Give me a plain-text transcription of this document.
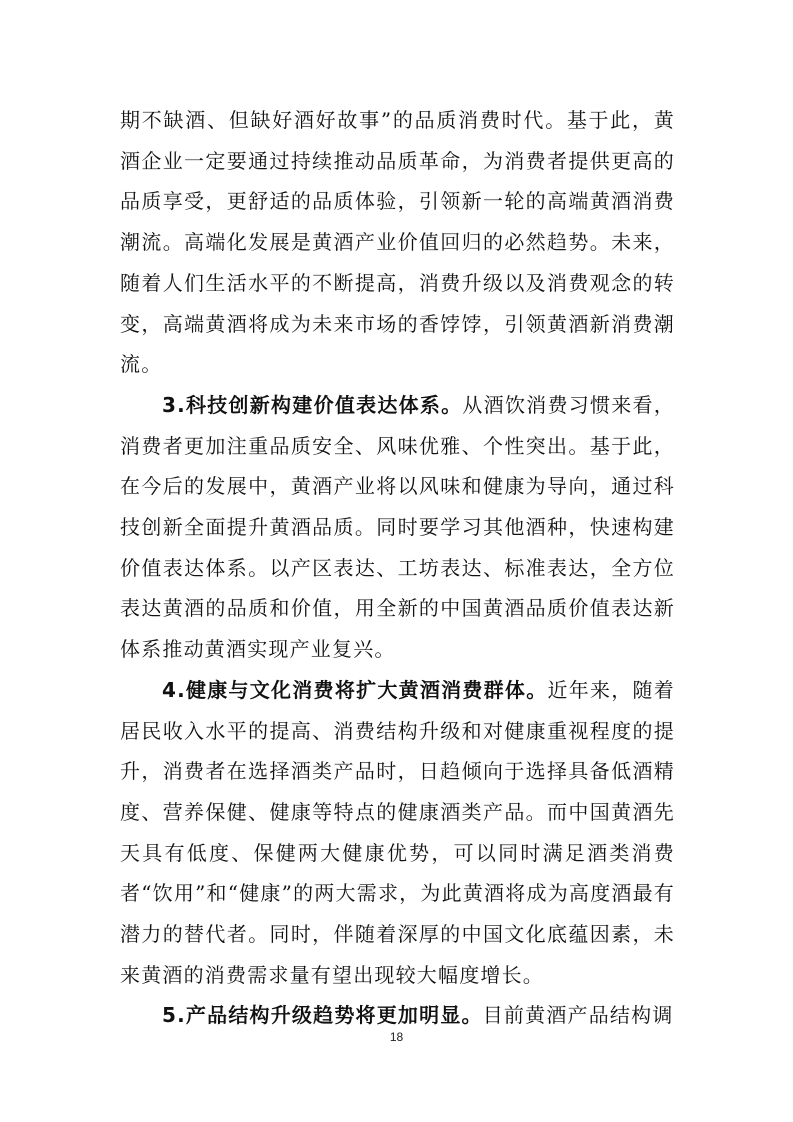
期不缺酒、但缺好酒好故事”的品质消费时代。基于此，黄酒企业一定要通过持续推动品质革命，为消费者提供更高的品质享受，更舒适的品质体验，引领新一轮的高端黄酒消费潮流。高端化发展是黄酒产业价值回归的必然趋势。未来，随着人们生活水平的不断提高，消费升级以及消费观念的转变，高端黄酒将成为未来市场的香饽饽，引领黄酒新消费潮流。

3.科技创新构建价值表达体系。从酒饮消费习惯来看，消费者更加注重品质安全、风味优雅、个性突出。基于此，在今后的发展中，黄酒产业将以风味和健康为导向，通过科技创新全面提升黄酒品质。同时要学习其他酒种，快速构建价值表达体系。以产区表达、工坊表达、标准表达，全方位表达黄酒的品质和价值，用全新的中国黄酒品质价值表达新体系推动黄酒实现产业复兴。

4.健康与文化消费将扩大黄酒消费群体。近年来，随着居民收入水平的提高、消费结构升级和对健康重视程度的提升，消费者在选择酒类产品时，日趋倾向于选择具备低酒精度、营养保健、健康等特点的健康酒类产品。而中国黄酒先天具有低度、保健两大健康优势，可以同时满足酒类消费者“饮用”和“健康”的两大需求，为此黄酒将成为高度酒最有潜力的替代者。同时，伴随着深厚的中国文化底蕴因素，未来黄酒的消费需求量有望出现较大幅度增长。

5.产品结构升级趋势将更加明显。目前黄酒产品结构调

18
